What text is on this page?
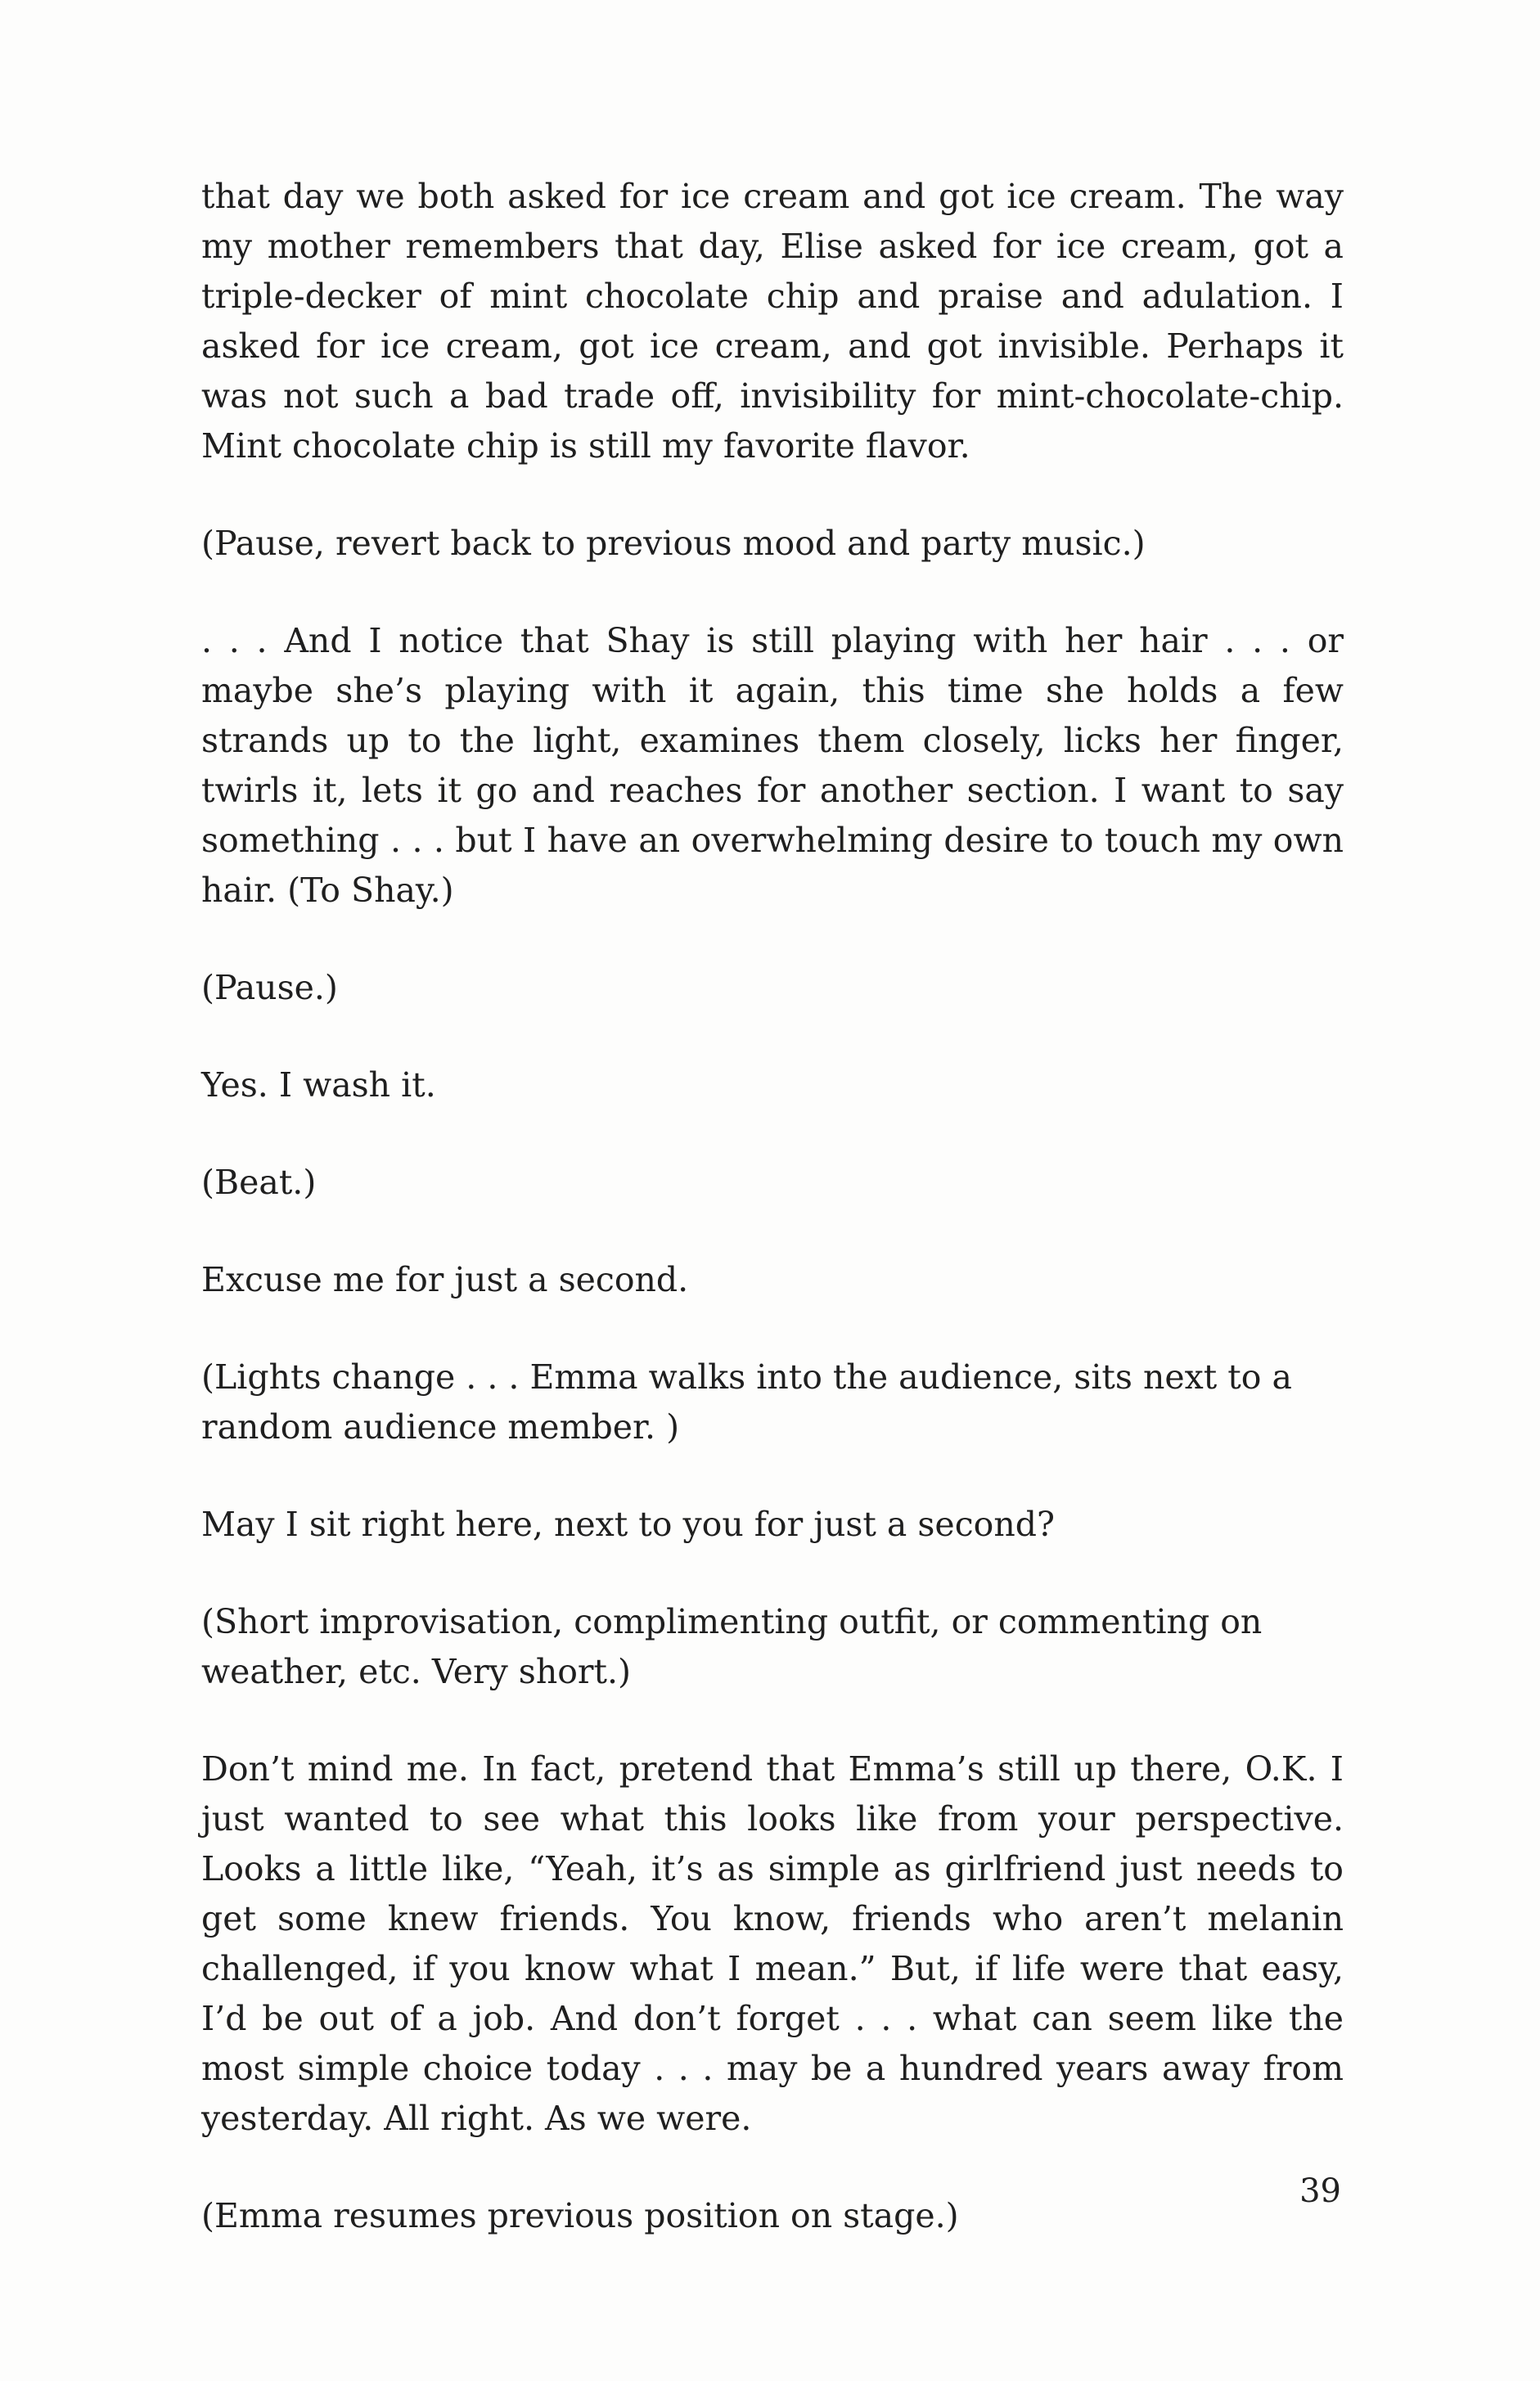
that day we both asked for ice cream and got ice cream. The way my mother remembers that day, Elise asked for ice cream, got a triple-decker of mint chocolate chip and praise and adulation. I asked for ice cream, got ice cream, and got invisible. Perhaps it was not such a bad trade off, invisibility for mint-chocolate-chip. Mint chocolate chip is still my favorite flavor.

(Pause, revert back to previous mood and party music.)

. . . And I notice that Shay is still playing with her hair . . . or maybe she’s playing with it again, this time she holds a few strands up to the light, examines them closely, licks her finger, twirls it, lets it go and reaches for another section. I want to say something . . . but I have an overwhelming desire to touch my own hair. (To Shay.)

(Pause.)

Yes. I wash it.

(Beat.)

Excuse me for just a second.

(Lights change . . . Emma walks into the audience, sits next to a random audience member. )

May I sit right here, next to you for just a second?

(Short improvisation, complimenting outfit, or commenting on weather, etc. Very short.)

Don’t mind me. In fact, pretend that Emma’s still up there, O.K. I just wanted to see what this looks like from your perspective. Looks a little like, “Yeah, it’s as simple as girlfriend just needs to get some knew friends. You know, friends who aren’t melanin challenged, if you know what I mean.” But, if life were that easy, I’d be out of a job. And don’t forget . . . what can seem like the most simple choice today . . . may be a hundred years away from yesterday. All right. As we were.

(Emma resumes previous position on stage.)

39
